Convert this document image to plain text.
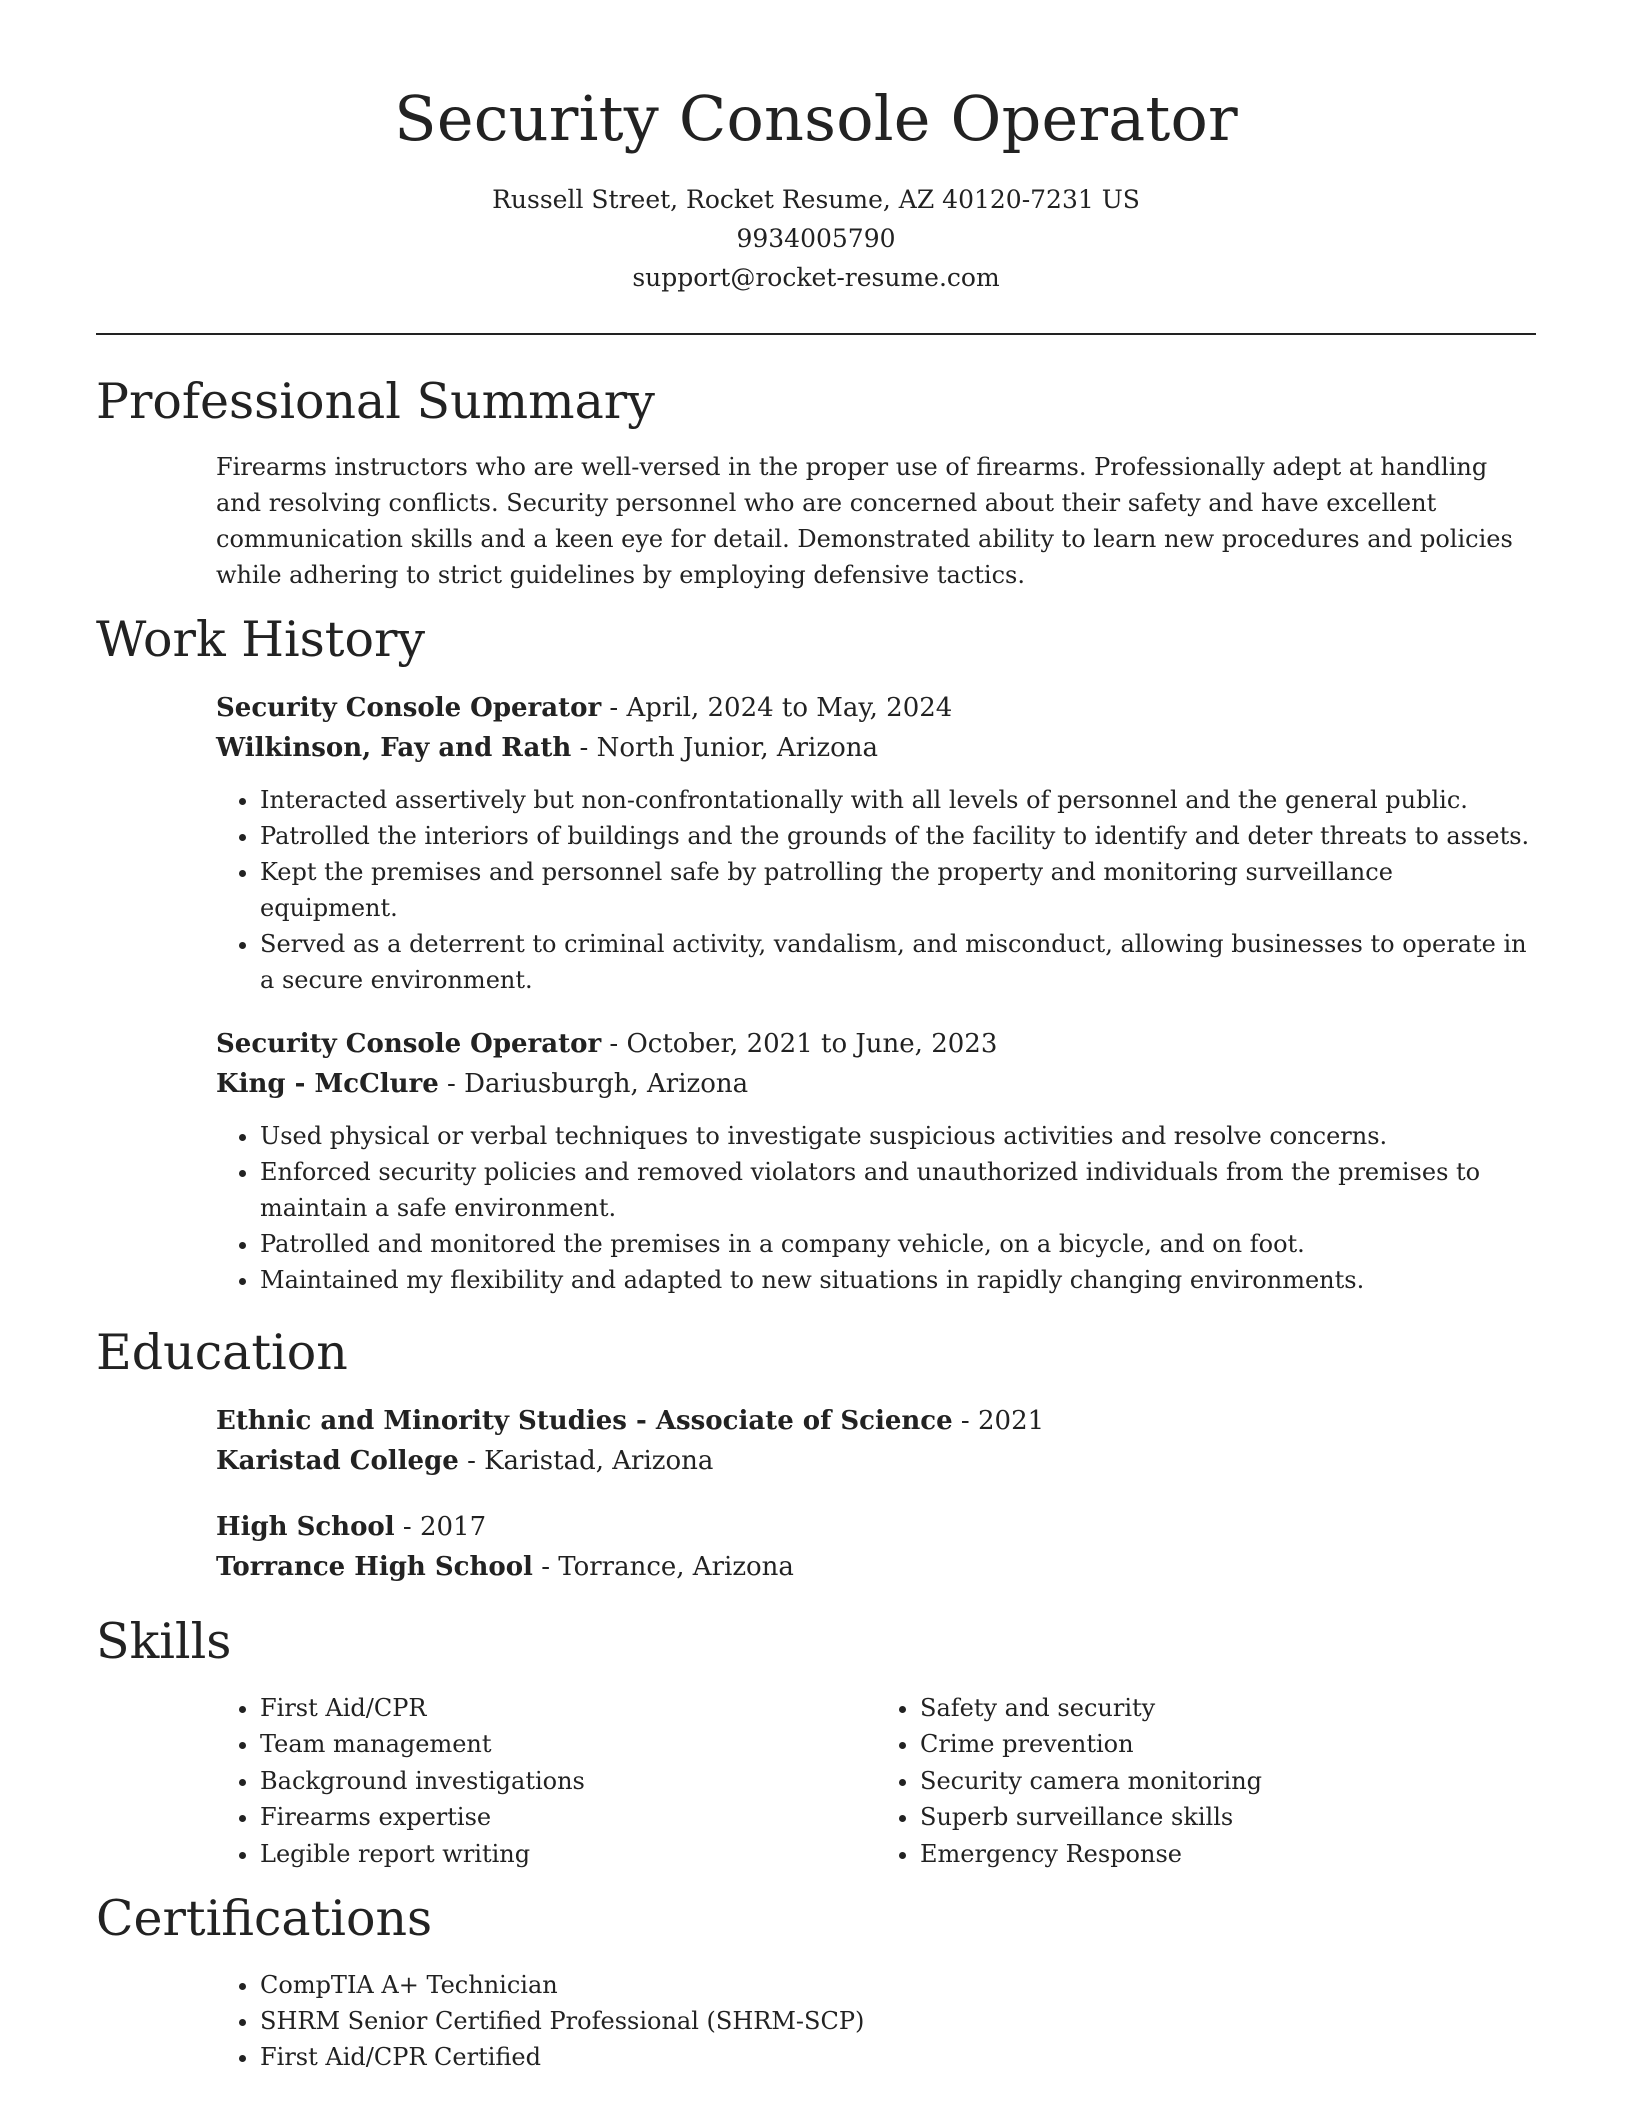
Security Console Operator
Russell Street, Rocket Resume, AZ 40120-7231 US
9934005790
support@rocket-resume.com
Professional Summary

Firearms instructors who are well-versed in the proper use of firearms. Professionally adept at handling and resolving conflicts. Security personnel who are concerned about their safety and have excellent communication skills and a keen eye for detail. Demonstrated ability to learn new procedures and policies while adhering to strict guidelines by employing defensive tactics.

Work History
Security Console Operator - April, 2024 to May, 2024
Wilkinson, Fay and Rath - North Junior, Arizona
• Interacted assertively but non-confrontationally with all levels of personnel and the general public.
• Patrolled the interiors of buildings and the grounds of the facility to identify and deter threats to assets.
• Kept the premises and personnel safe by patrolling the property and monitoring surveillance equipment.
• Served as a deterrent to criminal activity, vandalism, and misconduct, allowing businesses to operate in a secure environment.
Security Console Operator - October, 2021 to June, 2023
King - McClure - Dariusburgh, Arizona
• Used physical or verbal techniques to investigate suspicious activities and resolve concerns.
• Enforced security policies and removed violators and unauthorized individuals from the premises to maintain a safe environment.
• Patrolled and monitored the premises in a company vehicle, on a bicycle, and on foot.
• Maintained my flexibility and adapted to new situations in rapidly changing environments.
Education
Ethnic and Minority Studies - Associate of Science - 2021
Karistad College - Karistad, Arizona
High School - 2017
Torrance High School - Torrance, Arizona
Skills
• First Aid/CPR
• Team management
• Background investigations
• Firearms expertise
• Legible report writing
• Safety and security
• Crime prevention
• Security camera monitoring
• Superb surveillance skills
• Emergency Response
Certifications
• CompTIA A+ Technician
• SHRM Senior Certified Professional (SHRM-SCP)
• First Aid/CPR Certified
